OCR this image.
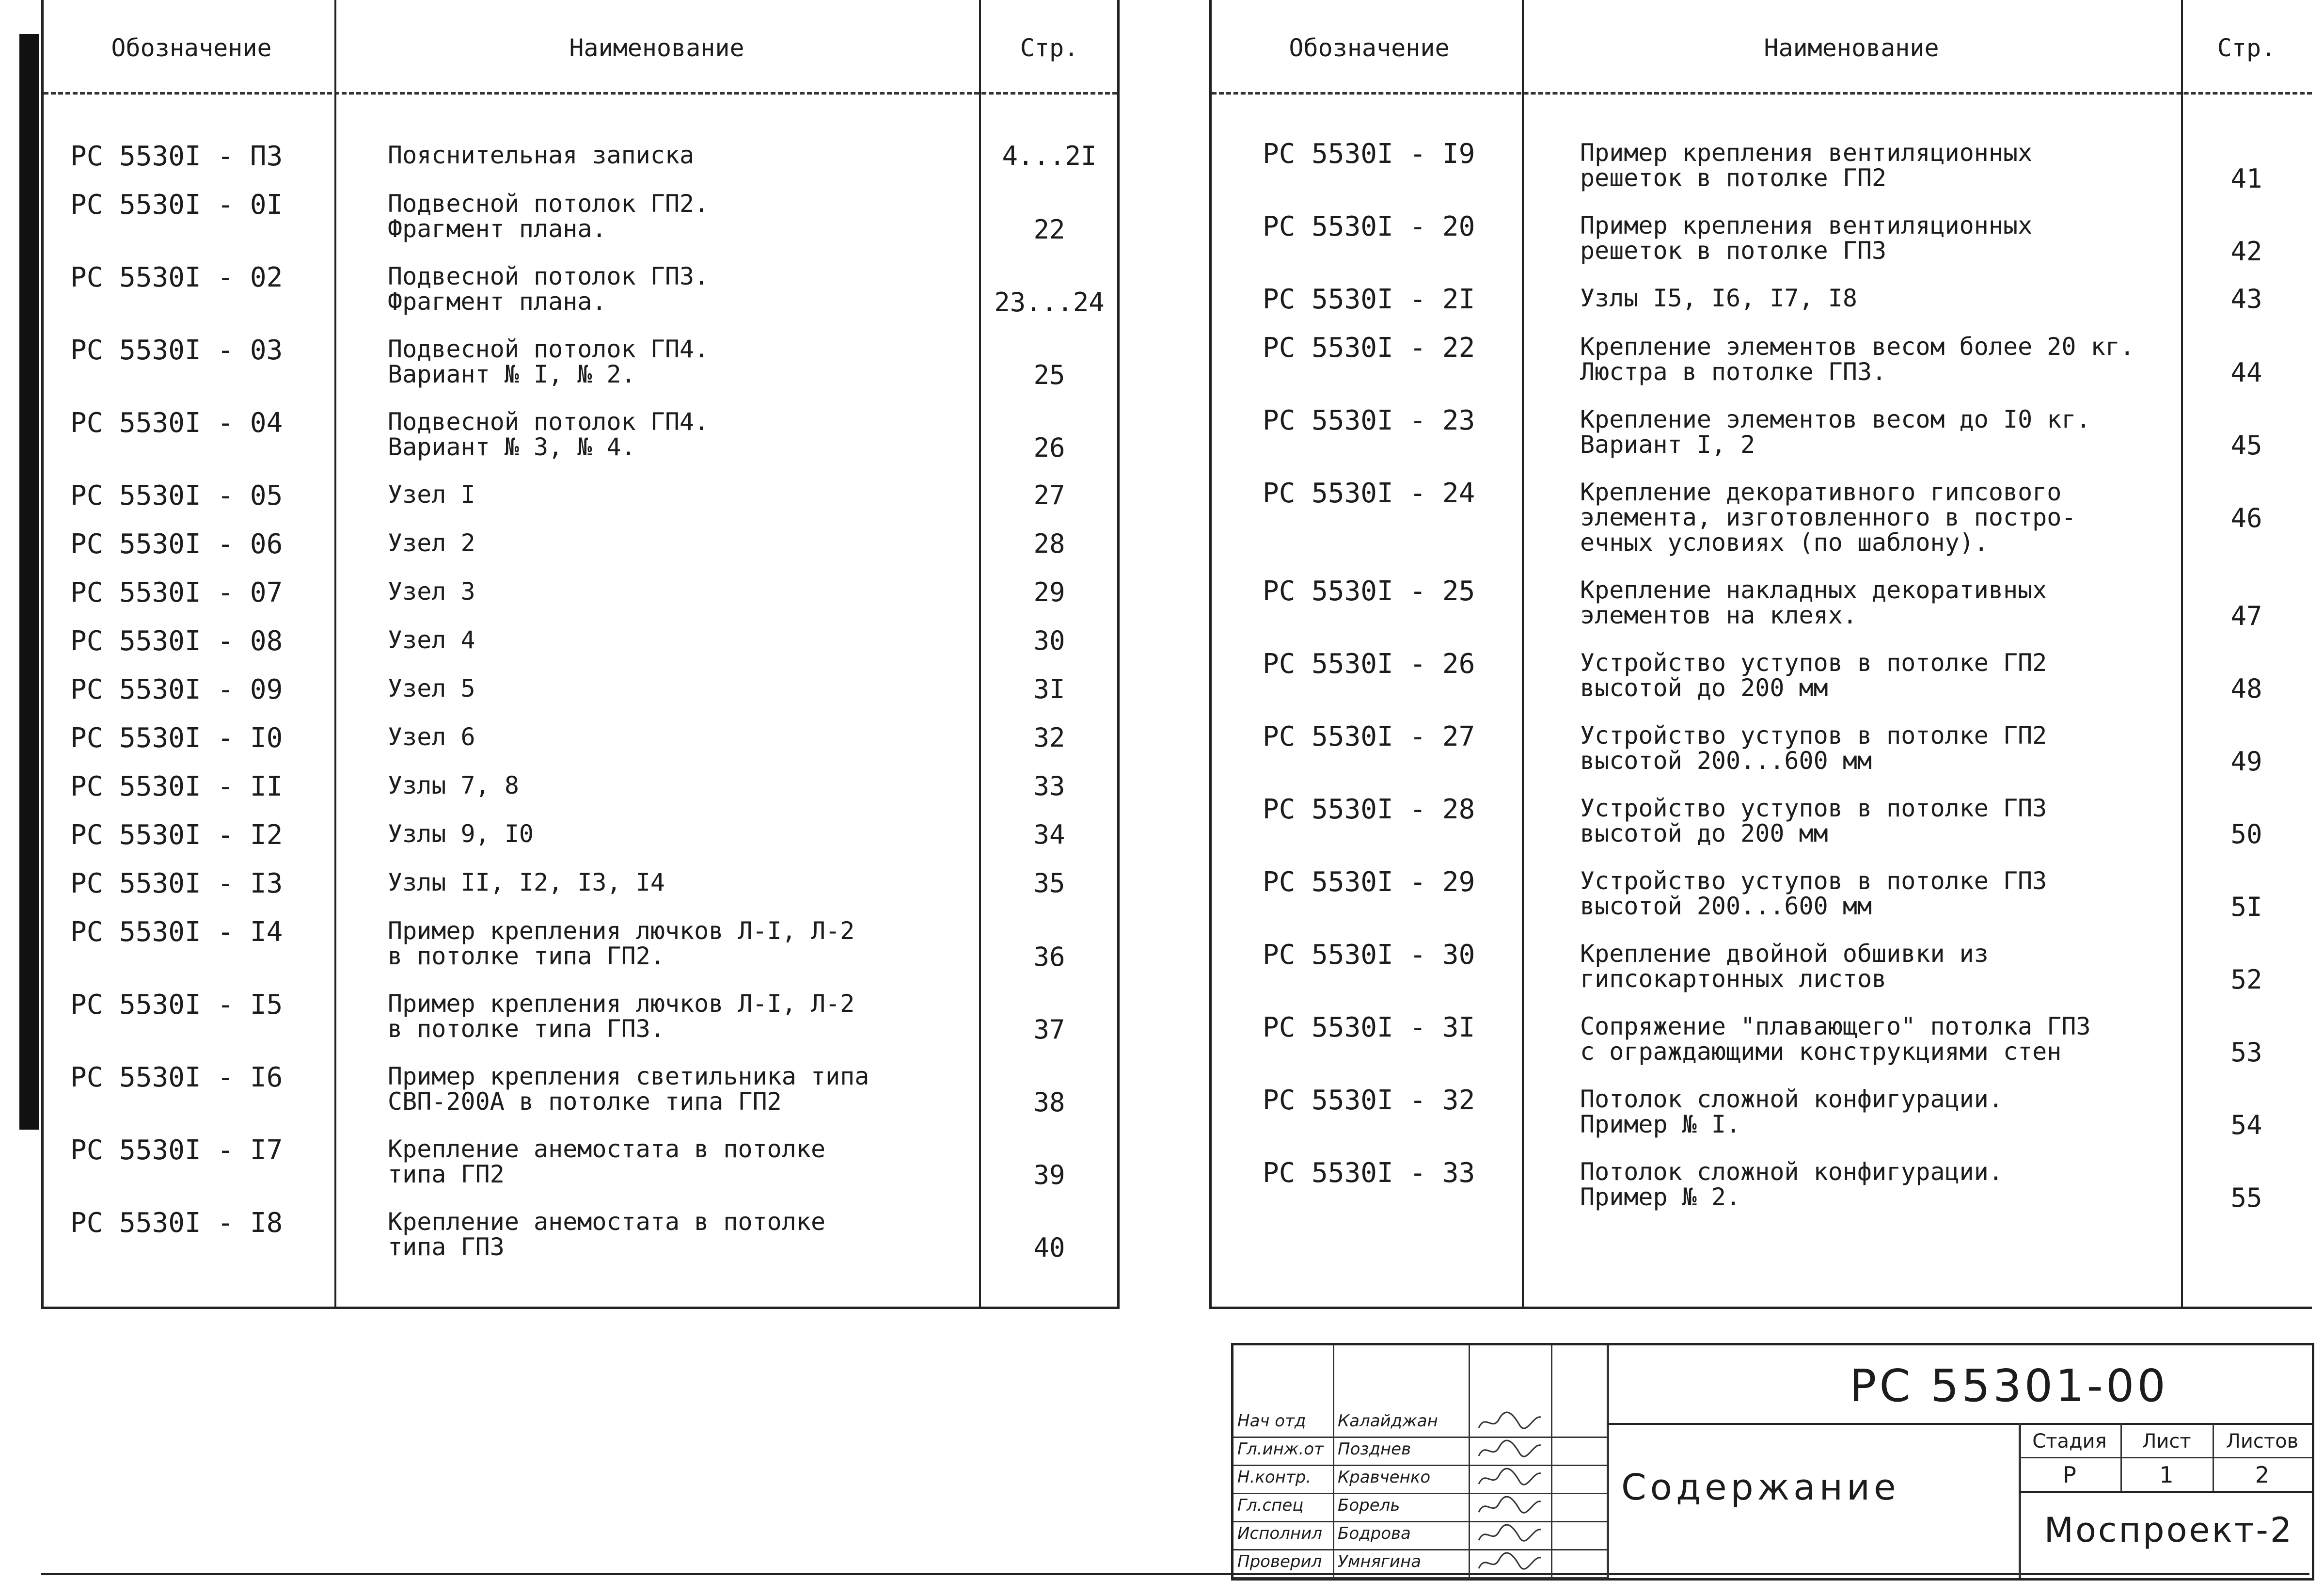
Обозначение	Наименование	Стр.
РС 5530I - ПЗ	Пояснительная записка	4...2I
РС 5530I - 0I	Подвесной потолок ГП2.
Фрагмент плана.	22
РС 5530I - 02	Подвесной потолок ГП3.
Фрагмент плана.	23...24
РС 5530I - 03	Подвесной потолок ГП4.
Вариант № I, № 2.	25
РС 5530I - 04	Подвесной потолок ГП4.
Вариант № 3, № 4.	26
РС 5530I - 05	Узел I	27
РС 5530I - 06	Узел 2	28
РС 5530I - 07	Узел 3	29
РС 5530I - 08	Узел 4	30
РС 5530I - 09	Узел 5	3I
РС 5530I - I0	Узел 6	32
РС 5530I - II	Узлы 7, 8	33
РС 5530I - I2	Узлы 9, I0	34
РС 5530I - I3	Узлы II, I2, I3, I4	35
РС 5530I - I4	Пример крепления лючков Л-I, Л-2
в потолке типа ГП2.	36
РС 5530I - I5	Пример крепления лючков Л-I, Л-2
в потолке типа ГП3.	37
РС 5530I - I6	Пример крепления светильника типа
СВП-200А в потолке типа ГП2	38
РС 5530I - I7	Крепление анемостата в потолке
типа ГП2	39
РС 5530I - I8	Крепление анемостата в потолке
типа ГП3	40
Обозначение	Наименование	Стр.
РС 5530I - I9	Пример крепления вентиляционных
решеток в потолке ГП2	41
РС 5530I - 20	Пример крепления вентиляционных
решеток в потолке ГП3	42
РС 5530I - 2I	Узлы I5, I6, I7, I8	43
РС 5530I - 22	Крепление элементов весом более 20 кг.
Люстра в потолке ГП3.	44
РС 5530I - 23	Крепление элементов весом до I0 кг.
Вариант I, 2	45
РС 5530I - 24	Крепление декоративного гипсового
элемента, изготовленного в постро-
ечных условиях (по шаблону).
46
РС 5530I - 25	Крепление накладных декоративных
элементов на клеях.	47
РС 5530I - 26	Устройство уступов в потолке ГП2
высотой до 200 мм	48
РС 5530I - 27	Устройство уступов в потолке ГП2
высотой 200...600 мм	49
РС 5530I - 28	Устройство уступов в потолке ГП3
высотой до 200 мм	50
РС 5530I - 29	Устройство уступов в потолке ГП3
высотой 200...600 мм	5I
РС 5530I - 30	Крепление двойной обшивки из
гипсокартонных листов	52
РС 5530I - 3I	Сопряжение "плавающего" потолка ГП3
с ограждающими конструкциями стен	53
РС 5530I - 32	Потолок сложной конфигурации.
Пример № I.	54
РС 5530I - 33	Потолок сложной конфигурации.
Пример № 2.	55
Нач отд	Калайджан
Гл.инж.от Позднев
Н.контр.	Кравченко
Гл.спец	Борель
Исполнил Бодрова
Проверил Умнягина
РС 55301-00
Содержание
Стадия	Лист	Листов
Р	1	2
Моспроект-2
